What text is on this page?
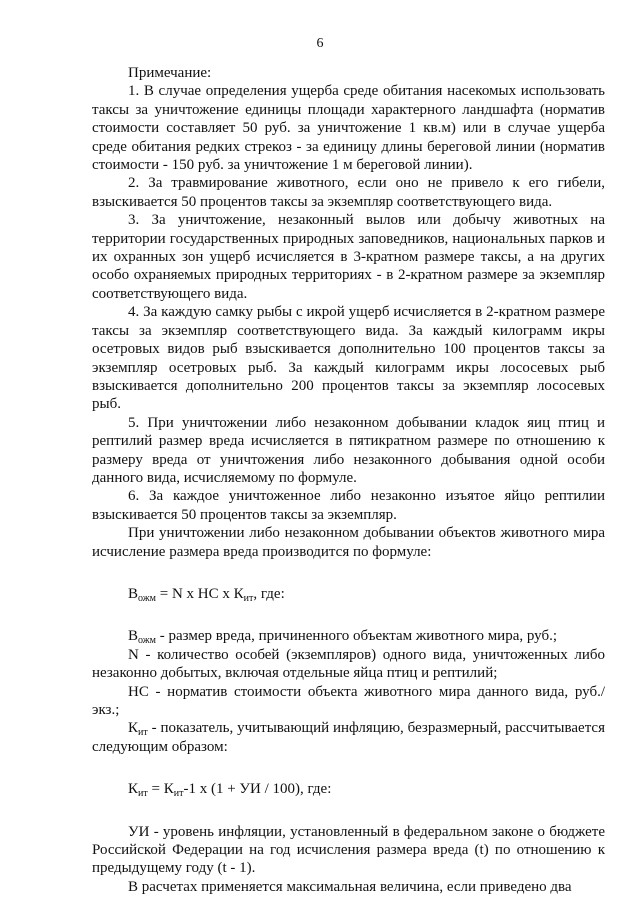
6

Примечание:

1. В случае определения ущерба среде обитания насекомых использовать таксы за уничтожение единицы площади характерного ландшафта (норматив стоимости составляет 50 руб. за уничтожение 1 кв.м) или в случае ущерба среде обитания редких стрекоз - за единицу длины береговой линии (норматив стоимости - 150 руб. за уничтожение 1 м береговой линии).

2. За травмирование животного, если оно не привело к его гибели, взыскивается 50 процентов таксы за экземпляр соответствующего вида.

3. За уничтожение, незаконный вылов или добычу животных на территории государственных природных заповедников, национальных парков и их охранных зон ущерб исчисляется в 3-кратном размере таксы, а на других особо охраняемых природных территориях - в 2-кратном размере за экземпляр соответствующего вида.

4. За каждую самку рыбы с икрой ущерб исчисляется в 2-кратном размере таксы за экземпляр соответствующего вида. За каждый килограмм икры осетровых видов рыб взыскивается дополнительно 100 процентов таксы за экземпляр осетровых рыб. За каждый килограмм икры лососевых рыб взыскивается дополнительно 200 процентов таксы за экземпляр лососевых рыб.

5. При уничтожении либо незаконном добывании кладок яиц птиц и рептилий размер вреда исчисляется в пятикратном размере по отношению к размеру вреда от уничтожения либо незаконного добывания одной особи данного вида, исчисляемому по формуле.

6. За каждое уничтоженное либо незаконно изъятое яйцо рептилии взыскивается 50 процентов таксы за экземпляр.

При уничтожении либо незаконном добывании объектов животного мира исчисление размера вреда производится по формуле:

$В_{ожм} = N$ х НС х $К_{ит}$, где:

$В_{ожм}$ - размер вреда, причиненного объектам животного мира, руб.;

N - количество особей (экземпляров) одного вида, уничтоженных либо незаконно добытых, включая отдельные яйца птиц и рептилий;

НС - норматив стоимости объекта животного мира данного вида, руб./экз.;

$К_{ит}$ - показатель, учитывающий инфляцию, безразмерный, рассчитывается следующим образом:

$К_{ит} = К_{ит}-1$ х (1 + УИ / 100), где:

УИ - уровень инфляции, установленный в федеральном законе о бюджете Российской Федерации на год исчисления размера вреда (t) по отношению к предыдущему году (t - 1).

В расчетах применяется максимальная величина, если приведено два
